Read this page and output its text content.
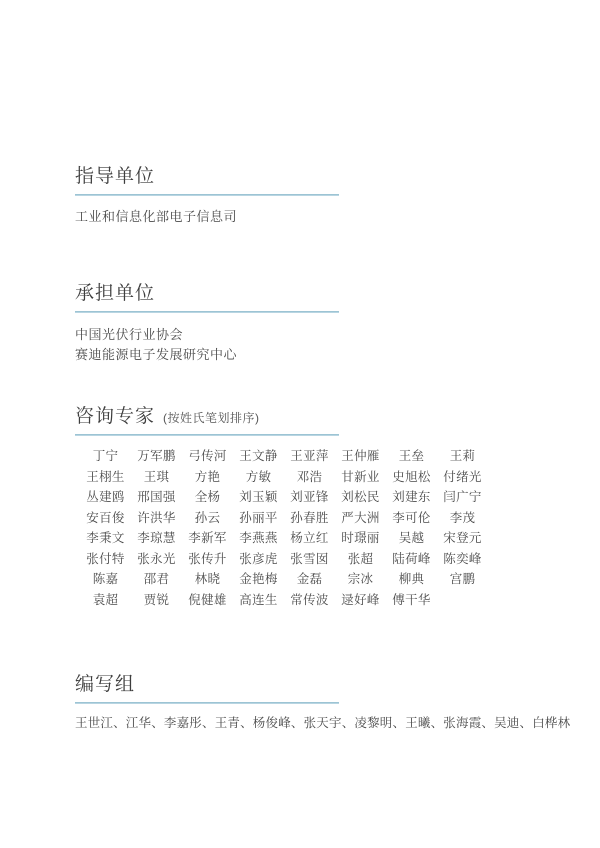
指导单位

工业和信息化部电子信息司

承担单位

中国光伏行业协会

赛迪能源电子发展研究中心

咨询专家 (按姓氏笔划排序)
丁宁	万军鹏	弓传河	王文静	王亚萍	王仲雁	王垒	王莉
王栩生	王琪	方艳	方敏	邓浩	甘新业	史旭松	付绪光
丛建鸥	邢国强	全杨	刘玉颖	刘亚锋	刘松民	刘建东	闫广宁
安百俊	许洪华	孙云	孙丽平	孙春胜	严大洲	李可伦	李茂
李秉文	李琼慧	李新军	李燕燕	杨立红	时璟丽	吴越	宋登元
张付特	张永光	张传升	张彦虎	张雪囡	张超	陆荷峰	陈奕峰
陈嘉	邵君	林晓	金艳梅	金磊	宗冰	柳典	宫鹏
袁超	贾锐	倪健雄	高连生	常传波	逯好峰	傅干华
编写组

王世江、江华、李嘉彤、王青、杨俊峰、张天宇、凌黎明、王曦、张海霞、吴迪、白桦林
